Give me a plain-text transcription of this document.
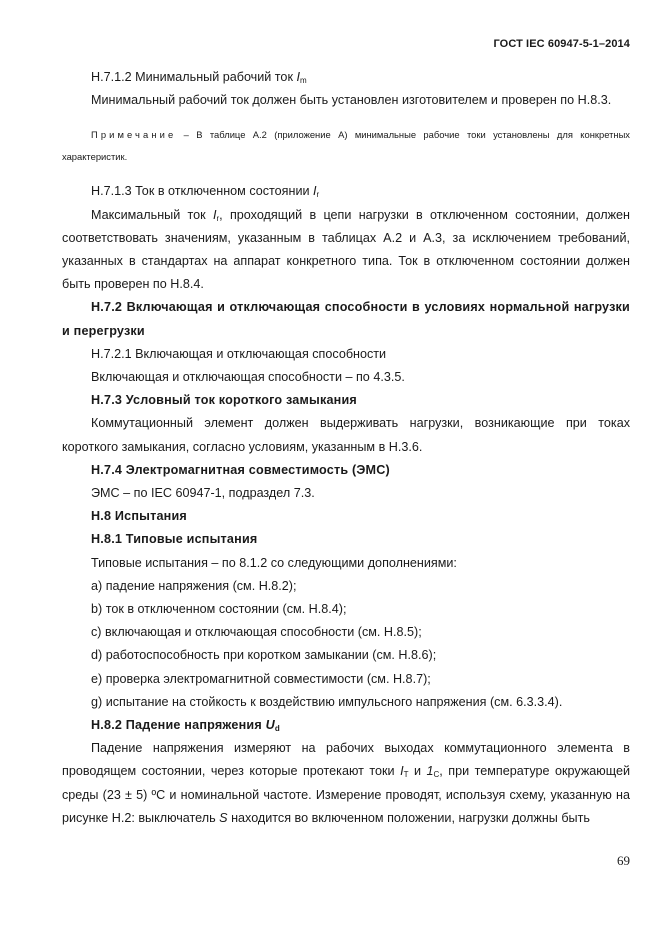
ГОСТ IEC 60947-5-1–2014

Н.7.1.2 Минимальный рабочий ток $I_m$

Минимальный рабочий ток должен быть установлен изготовителем и проверен по Н.8.3.

Примечание – В таблице А.2 (приложение А) минимальные рабочие токи установлены для конкретных характеристик.

Н.7.1.3 Ток в отключенном состоянии $I_r$

Максимальный ток $I_r$, проходящий в цепи нагрузки в отключенном состоянии, должен соответствовать значениям, указанным в таблицах А.2 и А.3, за исключением требований, указанных в стандартах на аппарат конкретного типа. Ток в отключенном состоянии должен быть проверен по Н.8.4.

Н.7.2 Включающая и отключающая способности в условиях нормальной нагрузки и перегрузки

Н.7.2.1 Включающая и отключающая способности

Включающая и отключающая способности – по 4.3.5.

Н.7.3 Условный ток короткого замыкания

Коммутационный элемент должен выдерживать нагрузки, возникающие при токах короткого замыкания, согласно условиям, указанным в Н.3.6.

Н.7.4 Электромагнитная совместимость (ЭМС)

ЭМС – по IEC 60947-1, подраздел 7.3.

Н.8 Испытания

Н.8.1 Типовые испытания

Типовые испытания – по 8.1.2 со следующими дополнениями:

а) падение напряжения (см. Н.8.2);

b) ток в отключенном состоянии (см. Н.8.4);

с) включающая и отключающая способности (см. Н.8.5);

d) работоспособность при коротком замыкании (см. Н.8.6);

е) проверка электромагнитной совместимости (см. Н.8.7);

g) испытание на стойкость к воздействию импульсного напряжения (см. 6.3.3.4).

Н.8.2 Падение напряжения $U_d$

Падение напряжения измеряют на рабочих выходах коммутационного элемента в проводящем состоянии, через которые протекают токи $I_T$ и $1_C$, при температуре окружающей среды (23 ± 5) ºС и номинальной частоте. Измерение проводят, используя схему, указанную на рисунке Н.2: выключатель S находится во включенном положении, нагрузки должны быть

69
